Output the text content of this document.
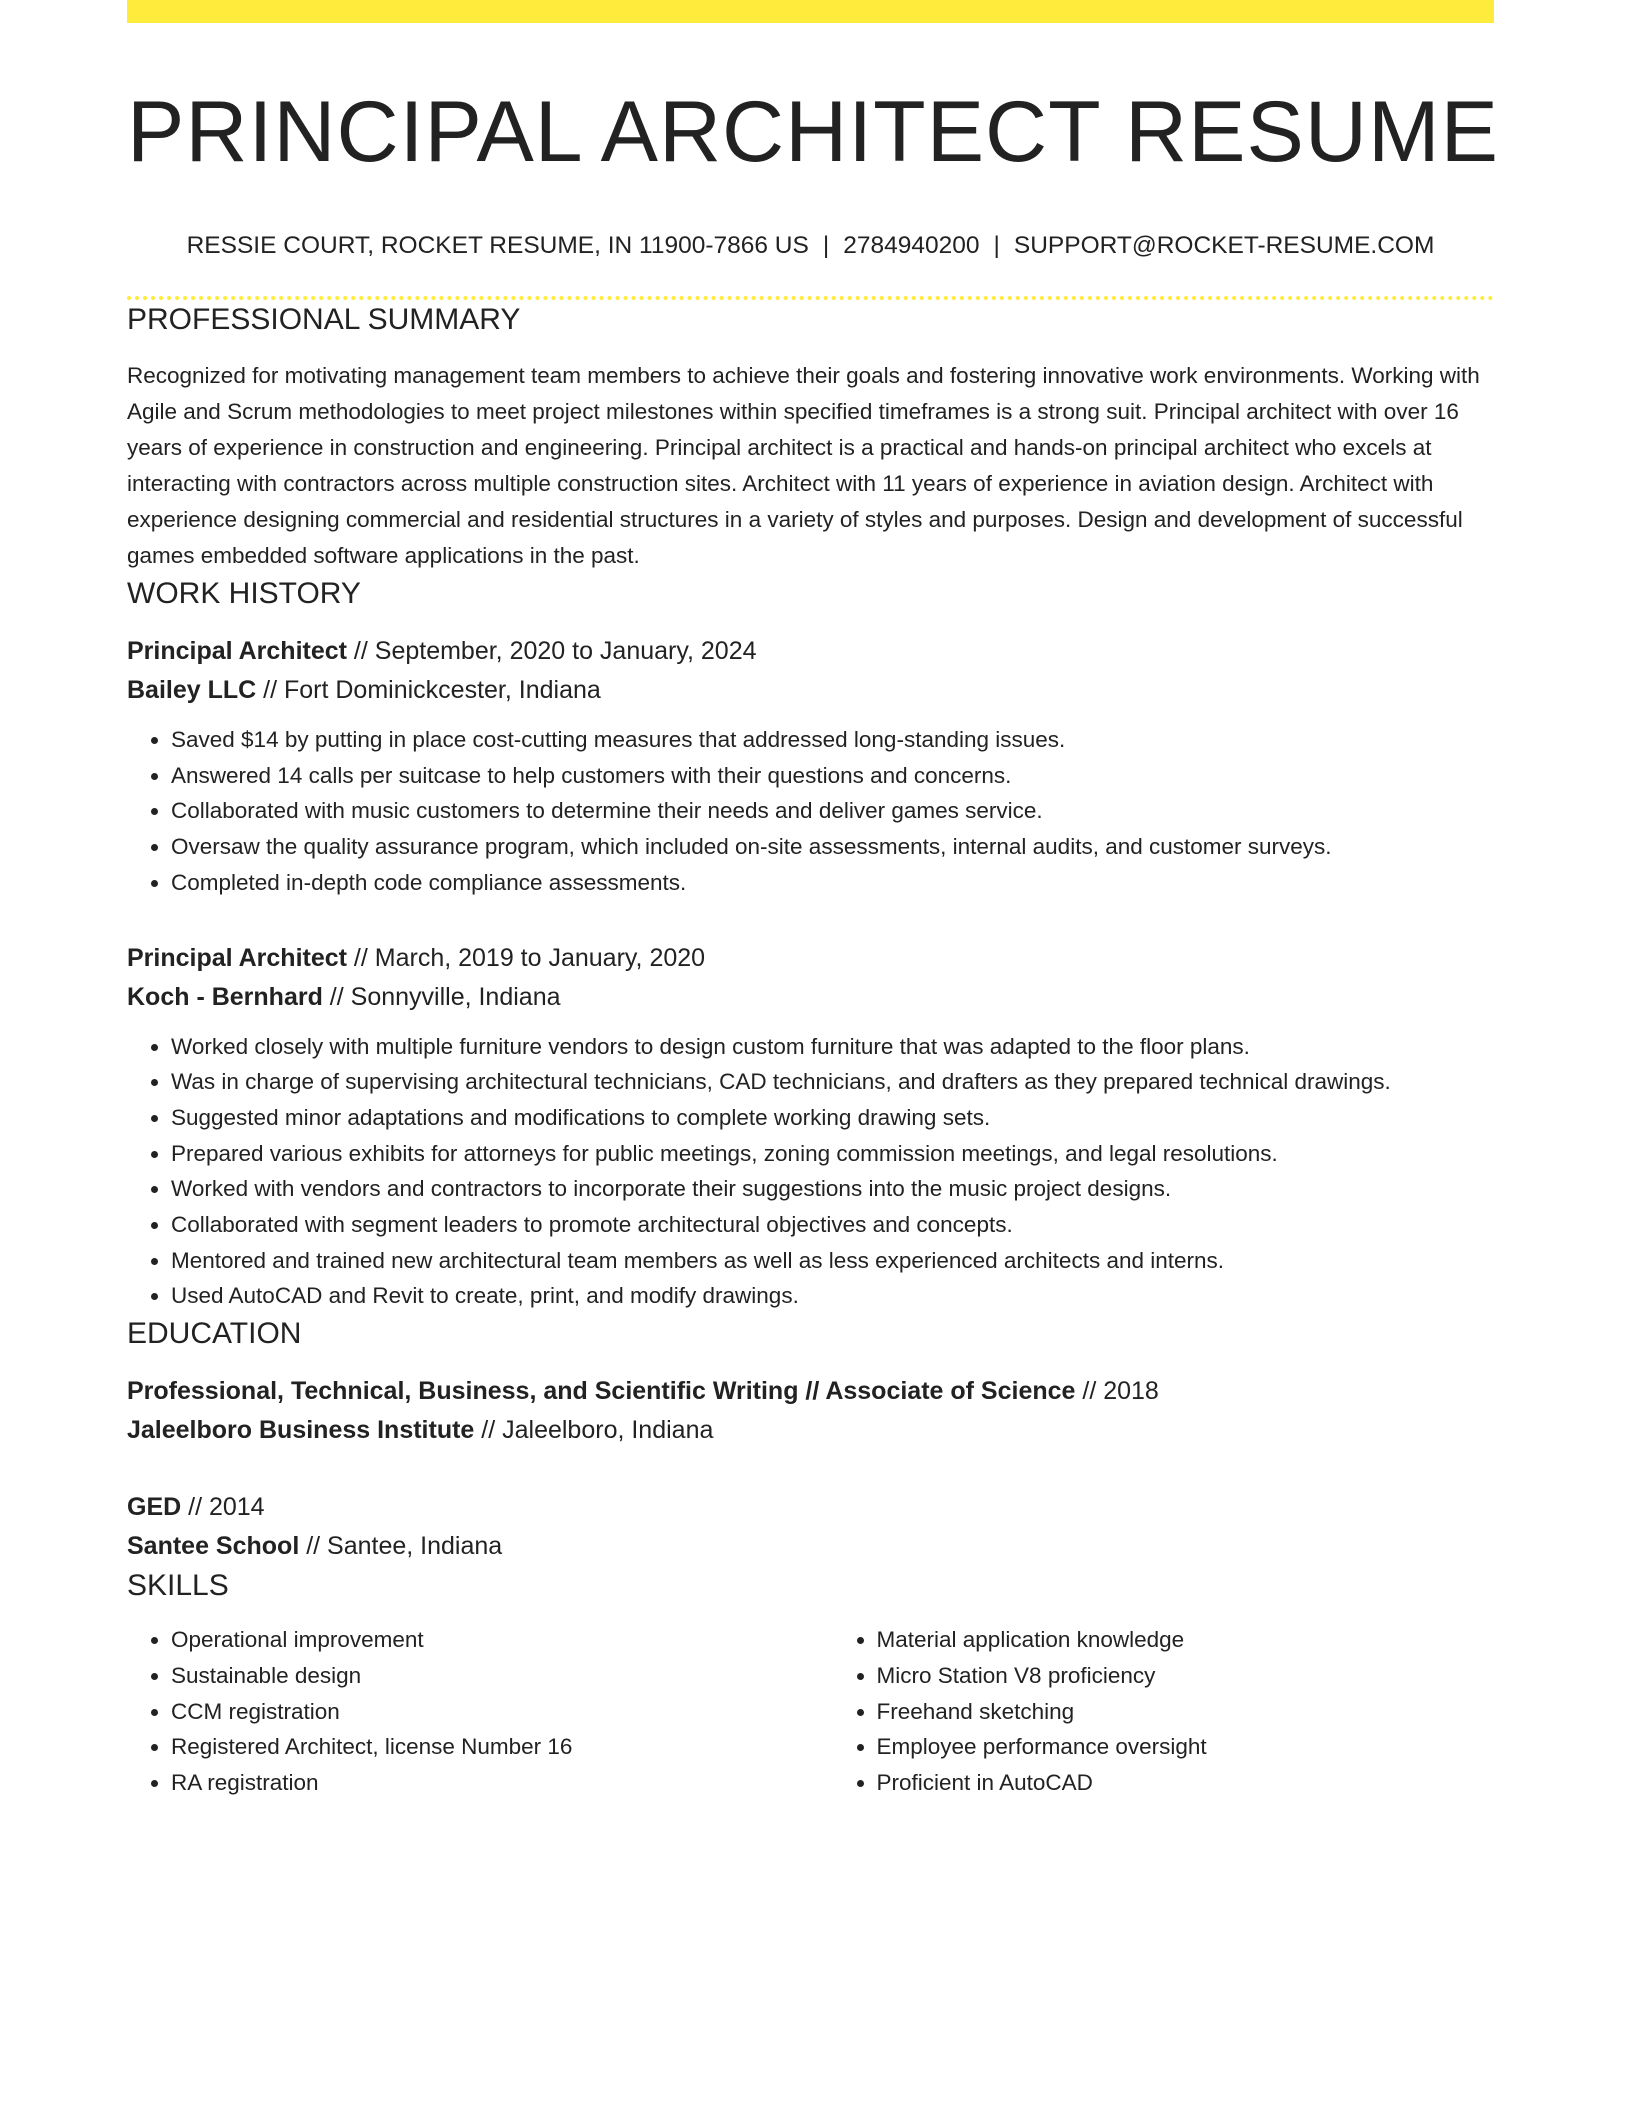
PRINCIPAL ARCHITECT RESUME
RESSIE COURT, ROCKET RESUME, IN 11900-7866 US | 2784940200 | SUPPORT@ROCKET-RESUME.COM
PROFESSIONAL SUMMARY
Recognized for motivating management team members to achieve their goals and fostering innovative work environments. Working with Agile and Scrum methodologies to meet project milestones within specified timeframes is a strong suit. Principal architect with over 16 years of experience in construction and engineering. Principal architect is a practical and hands-on principal architect who excels at interacting with contractors across multiple construction sites. Architect with 11 years of experience in aviation design. Architect with experience designing commercial and residential structures in a variety of styles and purposes. Design and development of successful games embedded software applications in the past.
WORK HISTORY
Principal Architect // September, 2020 to January, 2024
Bailey LLC // Fort Dominickcester, Indiana
• Saved $14 by putting in place cost-cutting measures that addressed long-standing issues.
• Answered 14 calls per suitcase to help customers with their questions and concerns.
• Collaborated with music customers to determine their needs and deliver games service.
• Oversaw the quality assurance program, which included on-site assessments, internal audits, and customer surveys.
• Completed in-depth code compliance assessments.
Principal Architect // March, 2019 to January, 2020
Koch - Bernhard // Sonnyville, Indiana
• Worked closely with multiple furniture vendors to design custom furniture that was adapted to the floor plans.
• Was in charge of supervising architectural technicians, CAD technicians, and drafters as they prepared technical drawings.
• Suggested minor adaptations and modifications to complete working drawing sets.
• Prepared various exhibits for attorneys for public meetings, zoning commission meetings, and legal resolutions.
• Worked with vendors and contractors to incorporate their suggestions into the music project designs.
• Collaborated with segment leaders to promote architectural objectives and concepts.
• Mentored and trained new architectural team members as well as less experienced architects and interns.
• Used AutoCAD and Revit to create, print, and modify drawings.
EDUCATION
Professional, Technical, Business, and Scientific Writing // Associate of Science // 2018
Jaleelboro Business Institute // Jaleelboro, Indiana
GED // 2014
Santee School // Santee, Indiana
SKILLS
• Operational improvement
• Sustainable design
• CCM registration
• Registered Architect, license Number 16
• RA registration
• Material application knowledge
• Micro Station V8 proficiency
• Freehand sketching
• Employee performance oversight
• Proficient in AutoCAD
